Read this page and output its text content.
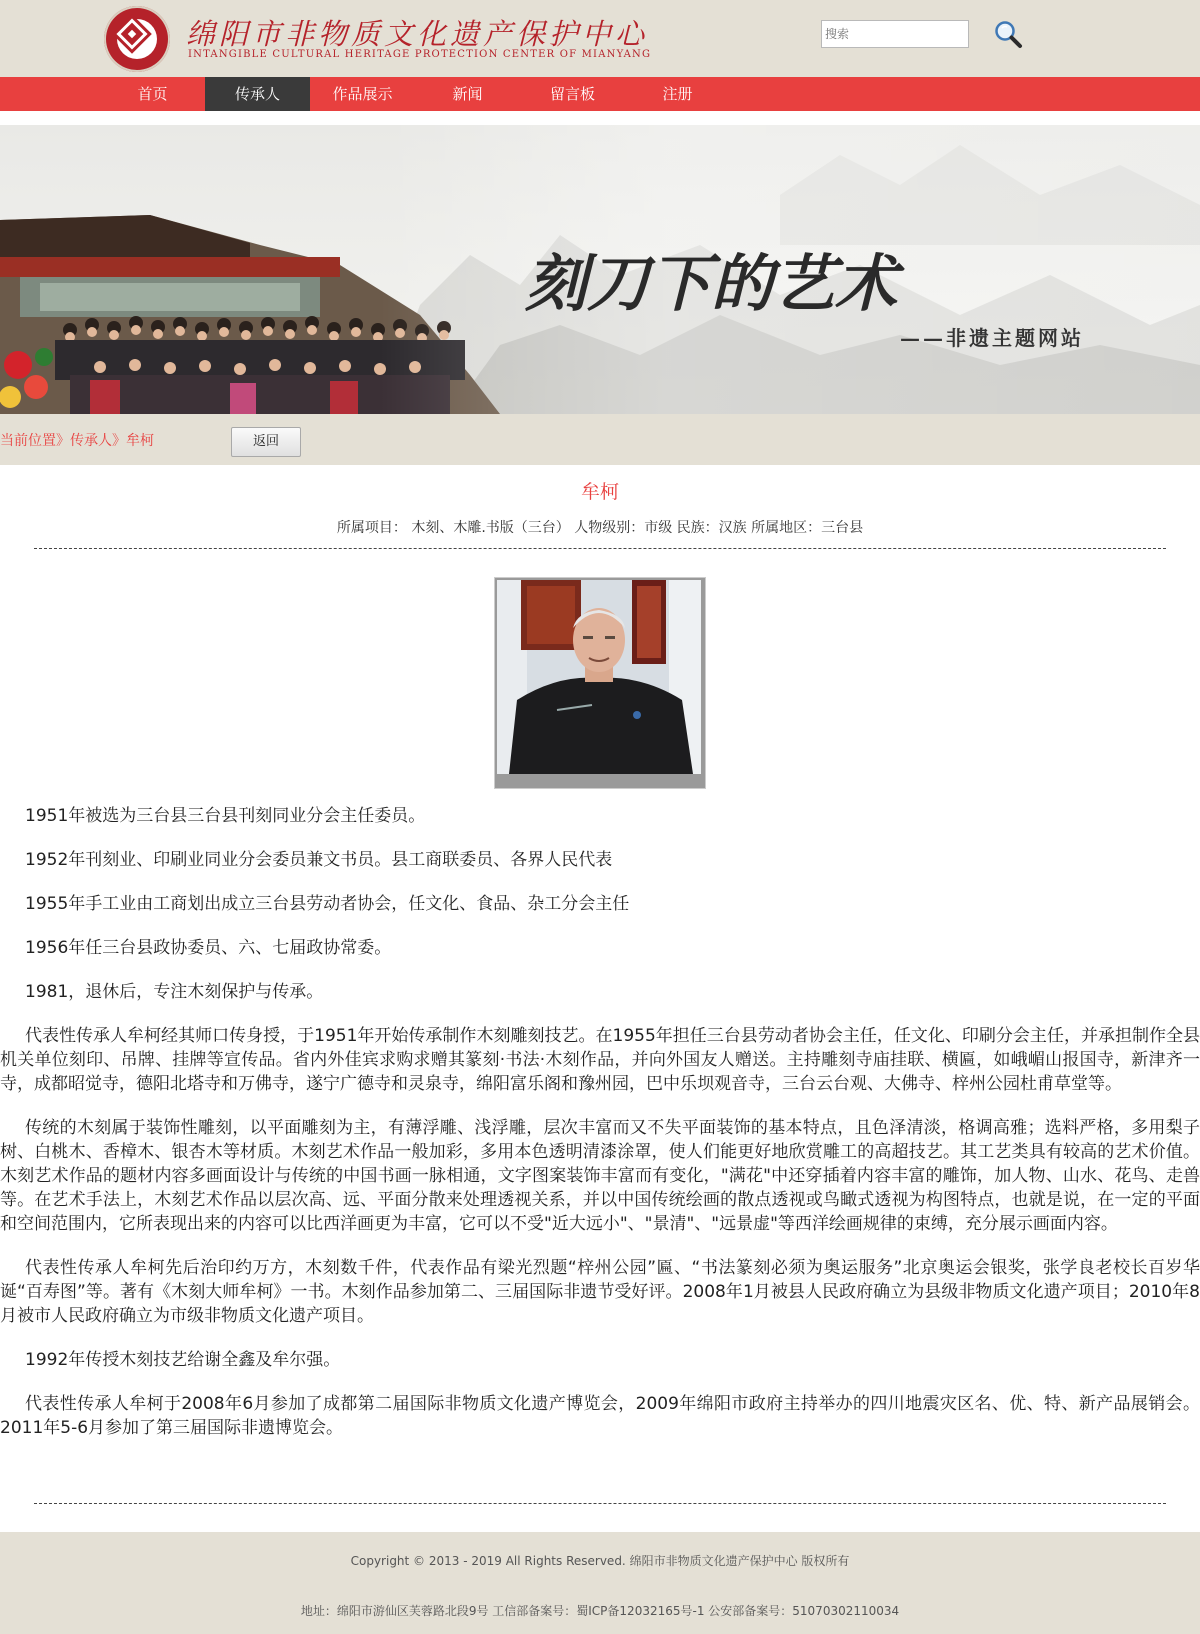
绵阳市非物质文化遗产保护中心
INTANGIBLE CULTURAL HERITAGE PROTECTION CENTER OF MIANYANG
搜索
首页	传承人	作品展示	新闻	留言板	注册
刻刀下的艺术
——非遗主题网站
当前位置》传承人》牟柯	返回
牟柯
所属项目： 木刻、木雕.书版（三台） 人物级别：市级 民族：汉族 所属地区：三台县

1951年被选为三台县三台县刊刻同业分会主任委员。

1952年刊刻业、印刷业同业分会委员兼文书员。县工商联委员、各界人民代表

1955年手工业由工商划出成立三台县劳动者协会，任文化、食品、杂工分会主任

1956年任三台县政协委员、六、七届政协常委。

1981，退休后，专注木刻保护与传承。

代表性传承人牟柯经其师口传身授，于1951年开始传承制作木刻雕刻技艺。在1955年担任三台县劳动者协会主任，任文化、印刷分会主任，并承担制作全县机关单位刻印、吊牌、挂牌等宣传品。省内外佳宾求购求赠其篆刻·书法·木刻作品，并向外国友人赠送。主持雕刻寺庙挂联、横匾，如峨嵋山报国寺，新津齐一寺，成都昭觉寺，德阳北塔寺和万佛寺，遂宁广德寺和灵泉寺，绵阳富乐阁和豫州园，巴中乐坝观音寺，三台云台观、大佛寺、梓州公园杜甫草堂等。

传统的木刻属于装饰性雕刻，以平面雕刻为主，有薄浮雕、浅浮雕，层次丰富而又不失平面装饰的基本特点，且色泽清淡，格调高雅；选料严格，多用梨子树、白桃木、香樟木、银杏木等材质。木刻艺术作品一般加彩，多用本色透明清漆涂罩，使人们能更好地欣赏雕工的高超技艺。其工艺类具有较高的艺术价值。木刻艺术作品的题材内容多画面设计与传统的中国书画一脉相通，文字图案装饰丰富而有变化，"满花"中还穿插着内容丰富的雕饰，加人物、山水、花鸟、走兽等。在艺术手法上，木刻艺术作品以层次高、远、平面分散来处理透视关系，并以中国传统绘画的散点透视或鸟瞰式透视为构图特点，也就是说，在一定的平面和空间范围内，它所表现出来的内容可以比西洋画更为丰富，它可以不受"近大远小"、"景清"、"远景虚"等西洋绘画规律的束缚，充分展示画面内容。

代表性传承人牟柯先后治印约万方，木刻数千件，代表作品有梁光烈题“梓州公园”匾、“书法篆刻必须为奥运服务”北京奥运会银奖，张学良老校长百岁华诞“百寿图”等。著有《木刻大师牟柯》一书。木刻作品参加第二、三届国际非遗节受好评。2008年1月被县人民政府确立为县级非物质文化遗产项目；2010年8月被市人民政府确立为市级非物质文化遗产项目。

1992年传授木刻技艺给谢全鑫及牟尔强。

代表性传承人牟柯于2008年6月参加了成都第二届国际非物质文化遗产博览会，2009年绵阳市政府主持举办的四川地震灾区名、优、特、新产品展销会。2011年5-6月参加了第三届国际非遗博览会。

Copyright © 2013 - 2019 All Rights Reserved. 绵阳市非物质文化遗产保护中心 版权所有
地址：绵阳市游仙区芙蓉路北段9号 工信部备案号：蜀ICP备12032165号-1 公安部备案号：51070302110034
